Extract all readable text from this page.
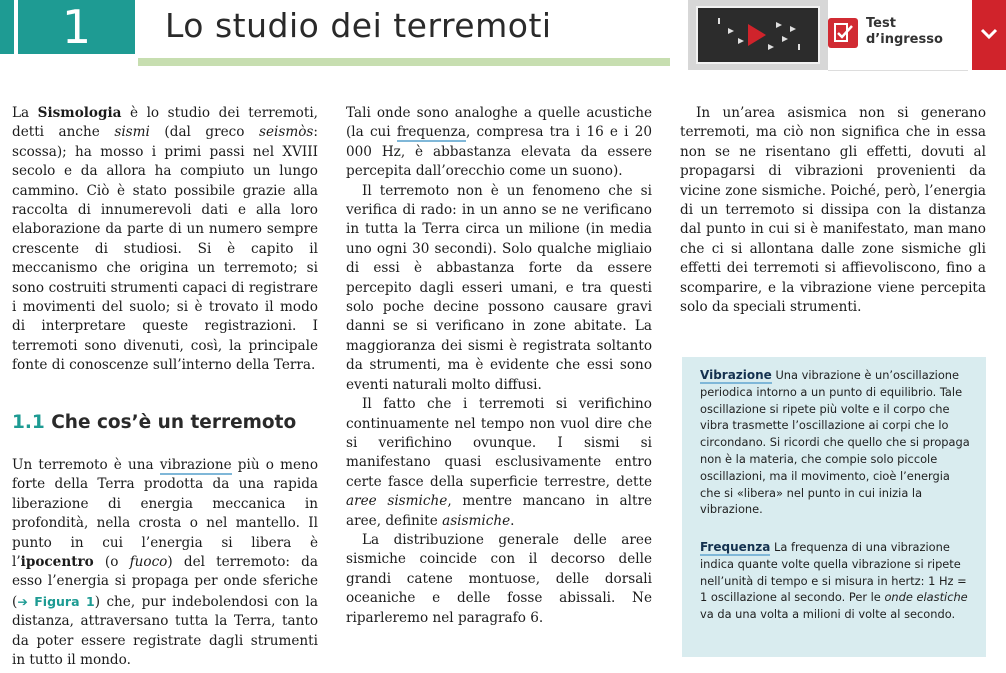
1	Lo studio dei terremoti	Test
d’ingresso

La Sismologia è lo studio dei terremoti, detti anche sismi (dal greco seismòs: scossa); ha mosso i primi passi nel XVIII secolo e da allora ha compiuto un lungo cammino. Ciò è stato possibile grazie alla raccolta di innumerevoli dati e alla loro elaborazione da parte di un numero sempre crescente di studiosi. Si è capito il meccanismo che origina un terremoto; si sono costruiti strumenti capaci di registrare i movimenti del suolo; si è trovato il modo di interpretare queste registrazioni. I terremoti sono divenuti, così, la principale fonte di conoscenze sull’interno della Terra.

1.1 Che cos’è un terremoto

Un terremoto è una vibrazione più o meno forte della Terra prodotta da una rapida liberazione di energia meccanica in profondità, nella crosta o nel mantello. Il punto in cui l’energia si libera è l’ipocentro (o fuoco) del terremoto: da esso l’energia si propaga per onde sferiche (➔ Figura 1) che, pur indebolendosi con la distanza, attraversano tutta la Terra, tanto da poter essere registrate dagli strumenti in tutto il mondo.

Tali onde sono analoghe a quelle acustiche (la cui frequenza, compresa tra i 16 e i 20 000 Hz, è abbastanza elevata da essere percepita dall’orecchio come un suono).

Il terremoto non è un fenomeno che si verifica di rado: in un anno se ne verificano in tutta la Terra circa un milione (in media uno ogni 30 secondi). Solo qualche migliaio di essi è abbastanza forte da essere percepito dagli esseri umani, e tra questi solo poche decine possono causare gravi danni se si verificano in zone abitate. La maggioranza dei sismi è registrata soltanto da strumenti, ma è evidente che essi sono eventi naturali molto diffusi.

Il fatto che i terremoti si verifichino continuamente nel tempo non vuol dire che si verifichino ovunque. I sismi si manifestano quasi esclusivamente entro certe fasce della superficie terrestre, dette aree sismiche, mentre mancano in altre aree, definite asismiche.

La distribuzione generale delle aree sismiche coincide con il decorso delle grandi catene montuose, delle dorsali oceaniche e delle fosse abissali. Ne riparleremo nel paragrafo 6.

In un’area asismica non si generano terremoti, ma ciò non significa che in essa non se ne risentano gli effetti, dovuti al propagarsi di vibrazioni provenienti da vicine zone sismiche. Poiché, però, l’energia di un terremoto si dissipa con la distanza dal punto in cui si è manifestato, man mano che ci si allontana dalle zone sismiche gli effetti dei terremoti si affievoliscono, fino a scomparire, e la vibrazione viene percepita solo da speciali strumenti.

Vibrazione Una vibrazione è un’oscillazione periodica intorno a un punto di equilibrio. Tale oscillazione si ripete più volte e il corpo che vibra trasmette l’oscillazione ai corpi che lo circondano. Si ricordi che quello che si propaga non è la materia, che compie solo piccole oscillazioni, ma il movimento, cioè l’energia che si «libera» nel punto in cui inizia la vibrazione.

Frequenza La frequenza di una vibrazione indica quante volte quella vibrazione si ripete nell’unità di tempo e si misura in hertz: 1 Hz = 1 oscillazione al secondo. Per le onde elastiche va da una volta a milioni di volte al secondo.
